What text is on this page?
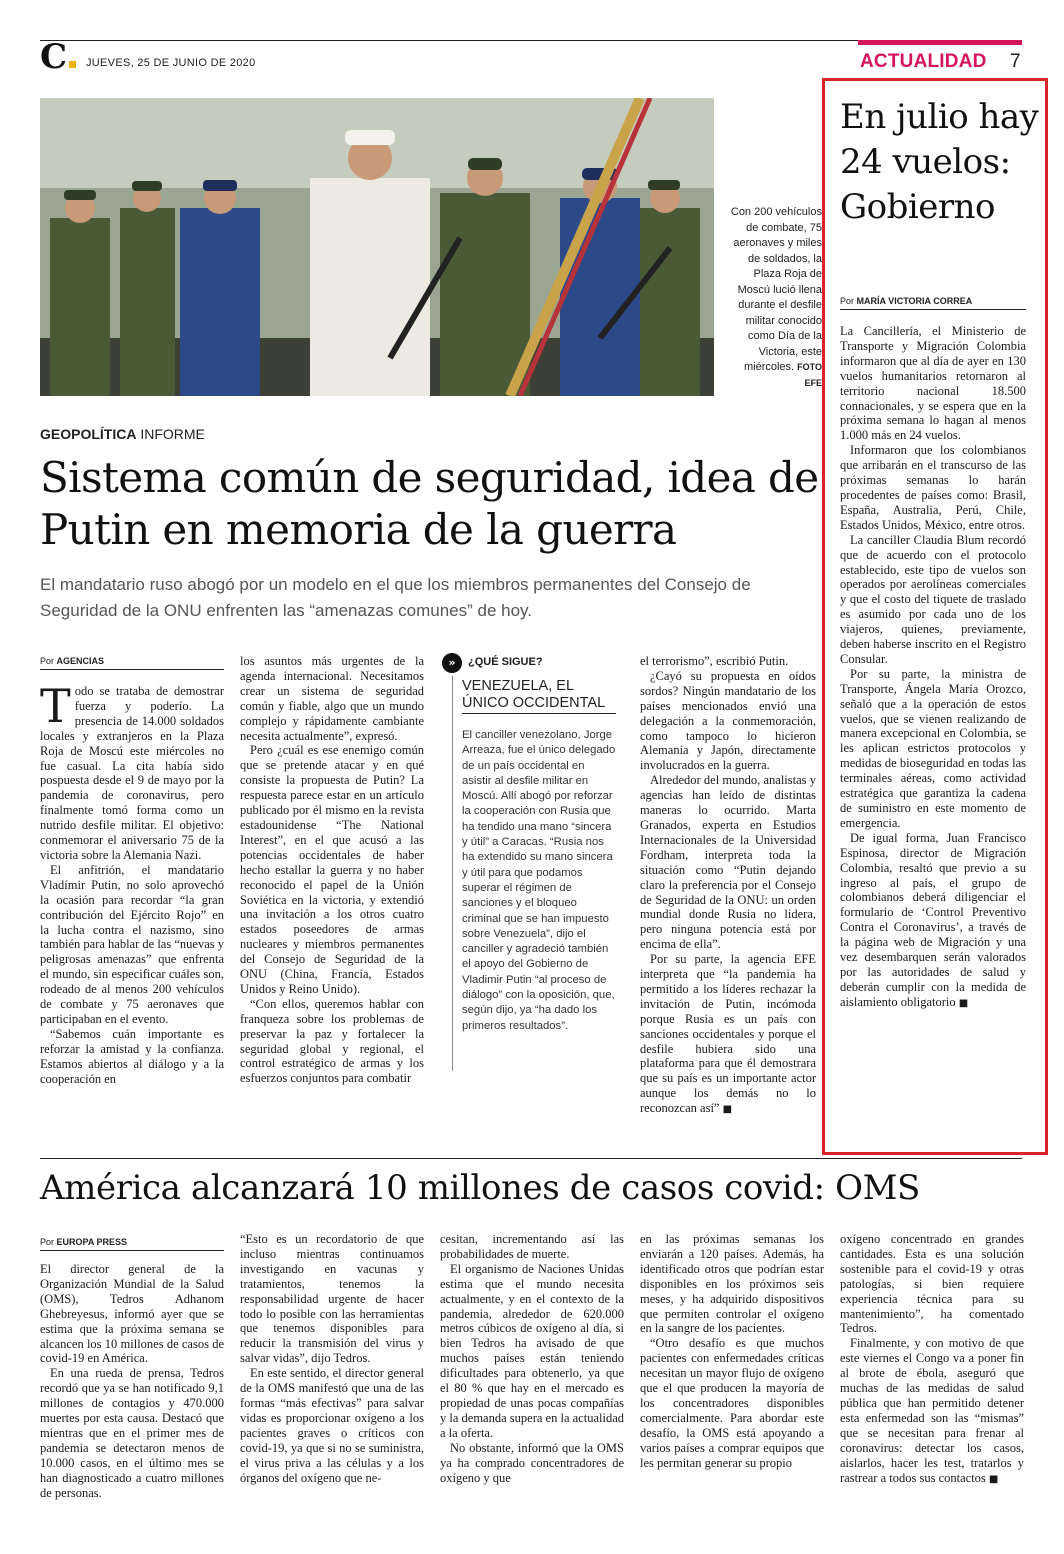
C	JUEVES, 25 DE JUNIO DE 2020	ACTUALIDAD 7
Con 200 vehículos de combate, 75 aeronaves y miles de soldados, la Plaza Roja de Moscú lució llena durante el desfile militar conocido como Día de la Victoria, este miércoles. FOTO EFE
GEOPOLÍTICA INFORME
Sistema común de seguridad, idea de Putin en memoria de la guerra
El mandatario ruso abogó por un modelo en el que los miembros permanentes del Consejo de Seguridad de la ONU enfrenten las “amenazas comunes” de hoy.
Por AGENCIAS

Todo se trataba de demostrar fuerza y poderío. La presencia de 14.000 soldados locales y extranjeros en la Plaza Roja de Moscú este miércoles no fue casual. La cita había sido pospuesta desde el 9 de mayo por la pandemia de coronavirus, pero finalmente tomó forma como un nutrido desfile militar. El objetivo: conmemorar el aniversario 75 de la victoria sobre la Alemania Nazi.

El anfitrión, el mandatario Vladímir Putin, no solo aprovechó la ocasión para recordar “la gran contribución del Ejército Rojo” en la lucha contra el nazismo, sino también para hablar de las “nuevas y peligrosas amenazas” que enfrenta el mundo, sin especificar cuáles son, rodeado de al menos 200 vehículos de combate y 75 aeronaves que participaban en el evento.

“Sabemos cuán importante es reforzar la amistad y la confianza. Estamos abiertos al diálogo y a la cooperación en

los asuntos más urgentes de la agenda internacional. Necesitamos crear un sistema de seguridad común y fiable, algo que un mundo complejo y rápidamente cambiante necesita actualmente”, expresó.

Pero ¿cuál es ese enemigo común que se pretende atacar y en qué consiste la propuesta de Putin? La respuesta parece estar en un artículo publicado por él mismo en la revista estadounidense “The National Interest”, en el que acusó a las potencias occidentales de haber hecho estallar la guerra y no haber reconocido el papel de la Unión Soviética en la victoria, y extendió una invitación a los otros cuatro estados poseedores de armas nucleares y miembros permanentes del Consejo de Seguridad de la ONU (China, Francia, Estados Unidos y Reino Unido).

“Con ellos, queremos hablar con franqueza sobre los problemas de preservar la paz y fortalecer la seguridad global y regional, el control estratégico de armas y los esfuerzos conjuntos para combatir

»	¿QUÉ SIGUE?
VENEZUELA, EL ÚNICO OCCIDENTAL
El canciller venezolano, Jorge Arreaza, fue el único delegado de un país occidental en asistir al desfile militar en Moscú. Allí abogó por reforzar la cooperación con Rusia que ha tendido una mano “sincera y útil” a Caracas. “Rusia nos ha extendido su mano sincera y útil para que podamos superar el régimen de sanciones y el bloqueo criminal que se han impuesto sobre Venezuela”, dijo el canciller y agradeció también el apoyo del Gobierno de Vladimir Putin “al proceso de diálogo” con la oposición, que, según dijo, ya “ha dado los primeros resultados”.

el terrorismo”, escribió Putin.

¿Cayó su propuesta en oídos sordos? Ningún mandatario de los países mencionados envió una delegación a la conmemoración, como tampoco lo hicieron Alemania y Japón, directamente involucrados en la guerra.

Alrededor del mundo, analistas y agencias han leído de distintas maneras lo ocurrido. Marta Granados, experta en Estudios Internacionales de la Universidad Fordham, interpreta toda la situación como “Putin dejando claro la preferencia por el Consejo de Seguridad de la ONU: un orden mundial donde Rusia no lidera, pero ninguna potencia está por encima de ella”.

Por su parte, la agencia EFE interpreta que “la pandemia ha permitido a los líderes rechazar la invitación de Putin, incómoda porque Rusia es un país con sanciones occidentales y porque el desfile hubiera sido una plataforma para que él demostrara que su país es un importante actor aunque los demás no lo reconozcan así” ■

En julio hay 24 vuelos: Gobierno
Por MARÍA VICTORIA CORREA

La Cancillería, el Ministerio de Transporte y Migración Colombia informaron que al día de ayer en 130 vuelos humanitarios retornaron al territorio nacional 18.500 connacionales, y se espera que en la próxima semana lo hagan al menos 1.000 más en 24 vuelos.

Informaron que los colombianos que arribarán en el transcurso de las próximas semanas lo harán procedentes de países como: Brasil, España, Australia, Perú, Chile, Estados Unidos, México, entre otros.

La canciller Claudia Blum recordó que de acuerdo con el protocolo establecido, este tipo de vuelos son operados por aerolíneas comerciales y que el costo del tiquete de traslado es asumido por cada uno de los viajeros, quienes, previamente, deben haberse inscrito en el Registro Consular.

Por su parte, la ministra de Transporte, Ángela María Orozco, señaló que a la operación de estos vuelos, que se vienen realizando de manera excepcional en Colombia, se les aplican estrictos protocolos y medidas de bioseguridad en todas las terminales aéreas, como actividad estratégica que garantiza la cadena de suministro en este momento de emergencia.

De igual forma, Juan Francisco Espinosa, director de Migración Colombia, resaltó que previo a su ingreso al país, el grupo de colombianos deberá diligenciar el formulario de ‘Control Preventivo Contra el Coronavirus’, a través de la página web de Migración y una vez desembarquen serán valorados por las autoridades de salud y deberán cumplir con la medida de aislamiento obligatorio ■

América alcanzará 10 millones de casos covid: OMS
Por EUROPA PRESS

El director general de la Organización Mundial de la Salud (OMS), Tedros Adhanom Ghebreyesus, informó ayer que se estima que la próxima semana se alcancen los 10 millones de casos de covid-19 en América.

En una rueda de prensa, Tedros recordó que ya se han notificado 9,1 millones de contagios y 470.000 muertes por esta causa. Destacó que mientras que en el primer mes de pandemia se detectaron menos de 10.000 casos, en el último mes se han diagnosticado a cuatro millones de personas.

“Esto es un recordatorio de que incluso mientras continuamos investigando en vacunas y tratamientos, tenemos la responsabilidad urgente de hacer todo lo posible con las herramientas que tenemos disponibles para reducir la transmisión del virus y salvar vidas”, dijo Tedros.

En este sentido, el director general de la OMS manifestó que una de las formas “más efectivas” para salvar vidas es proporcionar oxígeno a los pacientes graves o críticos con covid-19, ya que si no se suministra, el virus priva a las células y a los órganos del oxígeno que ne-

cesitan, incrementando así las probabilidades de muerte.

El organismo de Naciones Unidas estima que el mundo necesita actualmente, y en el contexto de la pandemia, alrededor de 620.000 metros cúbicos de oxígeno al día, si bien Tedros ha avisado de que muchos países están teniendo dificultades para obtenerlo, ya que el 80 % que hay en el mercado es propiedad de unas pocas compañías y la demanda supera en la actualidad a la oferta.

No obstante, informó que la OMS ya ha comprado concentradores de oxígeno y que

en las próximas semanas los enviarán a 120 países. Además, ha identificado otros que podrían estar disponibles en los próximos seis meses, y ha adquirido dispositivos que permiten controlar el oxígeno en la sangre de los pacientes.

“Otro desafío es que muchos pacientes con enfermedades críticas necesitan un mayor flujo de oxígeno que el que producen la mayoría de los concentradores disponibles comercialmente. Para abordar este desafío, la OMS está apoyando a varios países a comprar equipos que les permitan generar su propio

oxígeno concentrado en grandes cantidades. Esta es una solución sostenible para el covid-19 y otras patologías, si bien requiere experiencia técnica para su mantenimiento”, ha comentado Tedros.

Finalmente, y con motivo de que este viernes el Congo va a poner fin al brote de ébola, aseguró que muchas de las medidas de salud pública que han permitido detener esta enfermedad son las “mismas” que se necesitan para frenar al coronavirus: detectar los casos, aislarlos, hacer les test, tratarlos y rastrear a todos sus contactos ■
